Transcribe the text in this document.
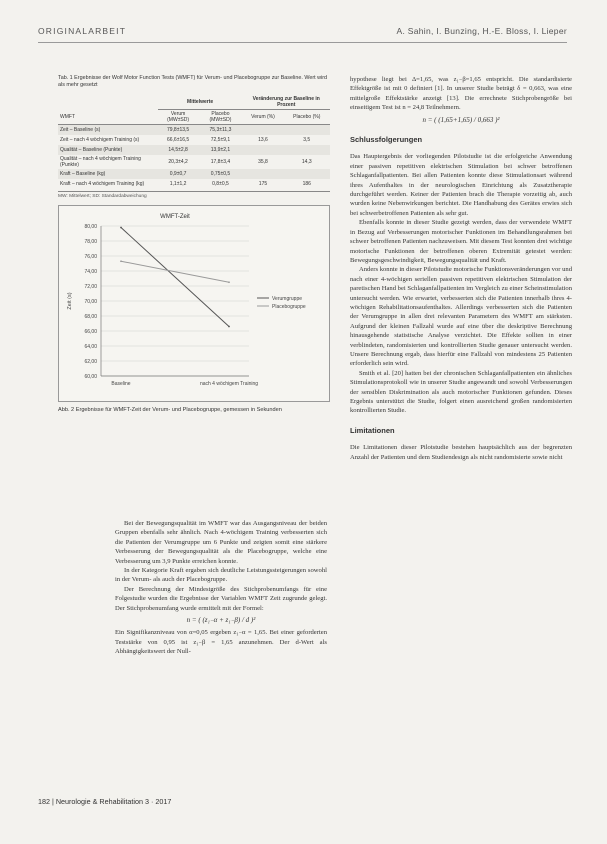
ORIGINALARBEIT	A. Sahin, I. Bunzing, H.-E. Bloss, I. Lieper
Tab. 1 Ergebnisse der Wolf Motor Function Tests (WMFT) für Verum- und Placebogruppe zur Baseline. Wert wird als mehr gesetzt
	Mittelwerte		Veränderung zur Baseline in Prozent	
WMFT	Verum (MW±SD)	Placebo (MW±SD)	Verum (%)	Placebo (%)
Zeit – Baseline (s)	79,8±13,5	75,3±11,3		
Zeit – nach 4 wöchigem Training (s)	66,6±16,5	72,5±9,1	13,6	3,5
Qualität – Baseline (Punkte)	14,5±2,8	13,9±2,1		
Qualität – nach 4 wöchigem Training (Punkte)	20,3±4,2	17,8±3,4	35,8	14,3
Kraft – Baseline (kg)	0,9±0,7	0,75±0,5		
Kraft – nach 4 wöchigem Training (kg)	1,1±1,2	0,8±0,5	175	186
MW: Mittelwert; SD: Standardabweichung
WMFT-Zeit
80,00
78,00
76,00
74,00
72,00
70,00
68,00
66,00
64,00
62,00
60,00
Zeit (s)
Baseline	nach 4 wöchigem Training
Verumgruppe
Placebogruppe
Abb. 2 Ergebnisse für WMFT-Zeit der Verum- und Placebogruppe, gemessen in Sekunden

Bei der Bewegungsqualität im WMFT war das Ausgangsniveau der beiden Gruppen ebenfalls sehr ähnlich. Nach 4-wöchigem Training verbesserten sich die Patienten der Verumgruppe um 6 Punkte und zeigten somit eine stärkere Verbesserung der Bewegungsqualität als die Placebogruppe, welche eine Verbesserung um 3,9 Punkte erreichen konnte.

In der Kategorie Kraft ergaben sich deutliche Leistungssteigerungen sowohl in der Verum- als auch der Placebogruppe.

Der Berechnung der Mindestgröße des Stichprobenumfangs für eine Folgestudie wurden die Ergebnisse der Variablen WMFT Zeit zugrunde gelegt. Der Stichprobenumfang wurde ermittelt mit der Formel:

n = ( (z₁₋α + z₁₋β) / d )²

Ein Signifikanzniveau von α=0,05 ergeben z₁₋α = 1,65. Bei einer geforderten Teststärke von 0,95 ist z₁₋β = 1,65 anzunehmen. Der d-Wert als Abhängigkeitswert der Null-

hypothese liegt bei Δ=1,65, was z₁₋β=1,65 entspricht. Die standardisierte Effektgröße ist mit 0 definiert [1]. In unserer Studie beträgt δ = 0,663, was eine mittelgroße Effektstärke anzeigt [13]. Die errechnete Stichprobengröße bei einseitigem Test ist n = 24,8 Teilnehmern.

n = ( (1,65+1,65) / 0,663 )²
Schlussfolgerungen

Das Hauptergebnis der vorliegenden Pilotstudie ist die erfolgreiche Anwendung einer passiven repetitiven elektrischen Stimulation bei schwer betroffenen Schlaganfallpatienten. Bei allen Patienten konnte diese Stimulationsart während ihres Aufenthaltes in der neurologischen Einrichtung als Zusatztherapie durchgeführt werden. Keiner der Patienten brach die Therapie vorzeitig ab, auch wurden keine Nebenwirkungen berichtet. Die Handhabung des Gerätes erwies sich bei schwerbetroffenen Patienten als sehr gut.

Ebenfalls konnte in dieser Studie gezeigt werden, dass der verwendete WMFT in Bezug auf Verbesserungen motorischer Funktionen im Behandlungsrahmen bei schwer betroffenen Patienten nachzuweisen. Mit diesem Test konnten drei wichtige motorische Funktionen der betroffenen oberen Extremität getestet werden: Bewegungsgeschwindigkeit, Bewegungsqualität und Kraft.

Anders konnte in dieser Pilotstudie motorische Funktionsveränderungen vor und nach einer 4-wöchigen seriellen passiven repetitiven elektrischen Stimulation der paretischen Hand bei Schlaganfallpatienten im Vergleich zu einer Scheinstimulation untersucht werden. Wie erwartet, verbesserten sich die Patienten innerhalb ihres 4-wöchigen Rehabilitationsaufenthaltes. Allerdings verbesserten sich die Patienten der Verumgruppe in allen drei relevanten Parametern des WMFT am stärksten. Aufgrund der kleinen Fallzahl wurde auf eine über die deskriptive Berechnung hinausgehende statistische Analyse verzichtet. Die Effekte sollten in einer verblindeten, randomisierten und kontrollierten Studie genauer untersucht werden. Unsere Berechnung ergab, dass hierfür eine Fallzahl von mindestens 25 Patienten erforderlich sein wird.

Smith et al. [20] hatten bei der chronischen Schlaganfallpatienten ein ähnliches Stimulationsprotokoll wie in unserer Studie angewandt und sowohl Verbesserungen der sensiblen Diskrimination als auch motorischer Funktionen gefunden. Dieses Ergebnis unterstützt die Studie, folgert einen ausreichend großen randomisierten kontrollierten Studie.

Limitationen

Die Limitationen dieser Pilotstudie bestehen hauptsächlich aus der begrenzten Anzahl der Patienten und dem Studiendesign als nicht randomisierte sowie nicht

182 | Neurologie & Rehabilitation 3 · 2017
